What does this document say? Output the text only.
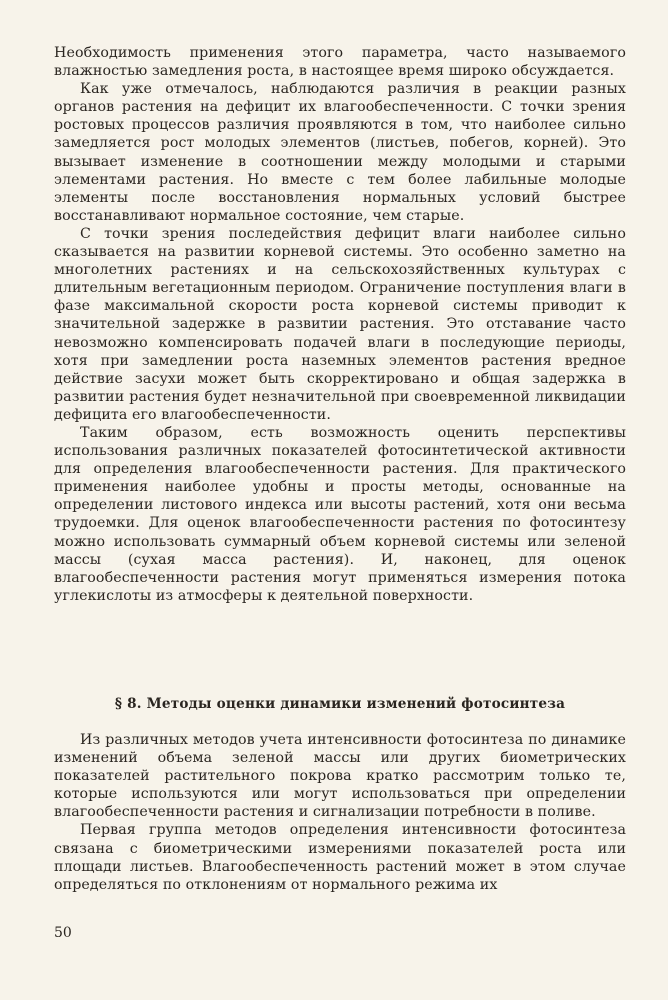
Необходимость применения этого параметра, часто называемого влажностью замедления роста, в настоящее время широко обсуждается.

Как уже отмечалось, наблюдаются различия в реакции разных органов растения на дефицит их влагообеспеченности. С точки зрения ростовых процессов различия проявляются в том, что наиболее сильно замедляется рост молодых элементов (листьев, побегов, корней). Это вызывает изменение в соотношении между молодыми и старыми элементами растения. Но вместе с тем более лабильные молодые элементы после восстановления нормальных условий быстрее восстанавливают нормальное состояние, чем старые.

С точки зрения последействия дефицит влаги наиболее сильно сказывается на развитии корневой системы. Это особенно заметно на многолетних растениях и на сельскохозяйственных культурах с длительным вегетационным периодом. Ограничение поступления влаги в фазе максимальной скорости роста корневой системы приводит к значительной задержке в развитии растения. Это отставание часто невозможно компенсировать подачей влаги в последующие периоды, хотя при замедлении роста наземных элементов растения вредное действие засухи может быть скорректировано и общая задержка в развитии растения будет незначительной при своевременной ликвидации дефицита его влагообеспеченности.

Таким образом, есть возможность оценить перспективы использования различных показателей фотосинтетической активности для определения влагообеспеченности растения. Для практического применения наиболее удобны и просты методы, основанные на определении листового индекса или высоты растений, хотя они весьма трудоемки. Для оценок влагообеспеченности растения по фотосинтезу можно использовать суммарный объем корневой системы или зеленой массы (сухая масса растения). И, наконец, для оценок влагообеспеченности растения могут применяться измерения потока углекислоты из атмосферы к деятельной поверхности.

§ 8. Методы оценки динамики изменений фотосинтеза

Из различных методов учета интенсивности фотосинтеза по динамике изменений объема зеленой массы или других биометрических показателей растительного покрова кратко рассмотрим только те, которые используются или могут использоваться при определении влагообеспеченности растения и сигнализации потребности в поливе.

Первая группа методов определения интенсивности фотосинтеза связана с биометрическими измерениями показателей роста или площади листьев. Влагообеспеченность растений может в этом случае определяться по отклонениям от нормального режима их

50
